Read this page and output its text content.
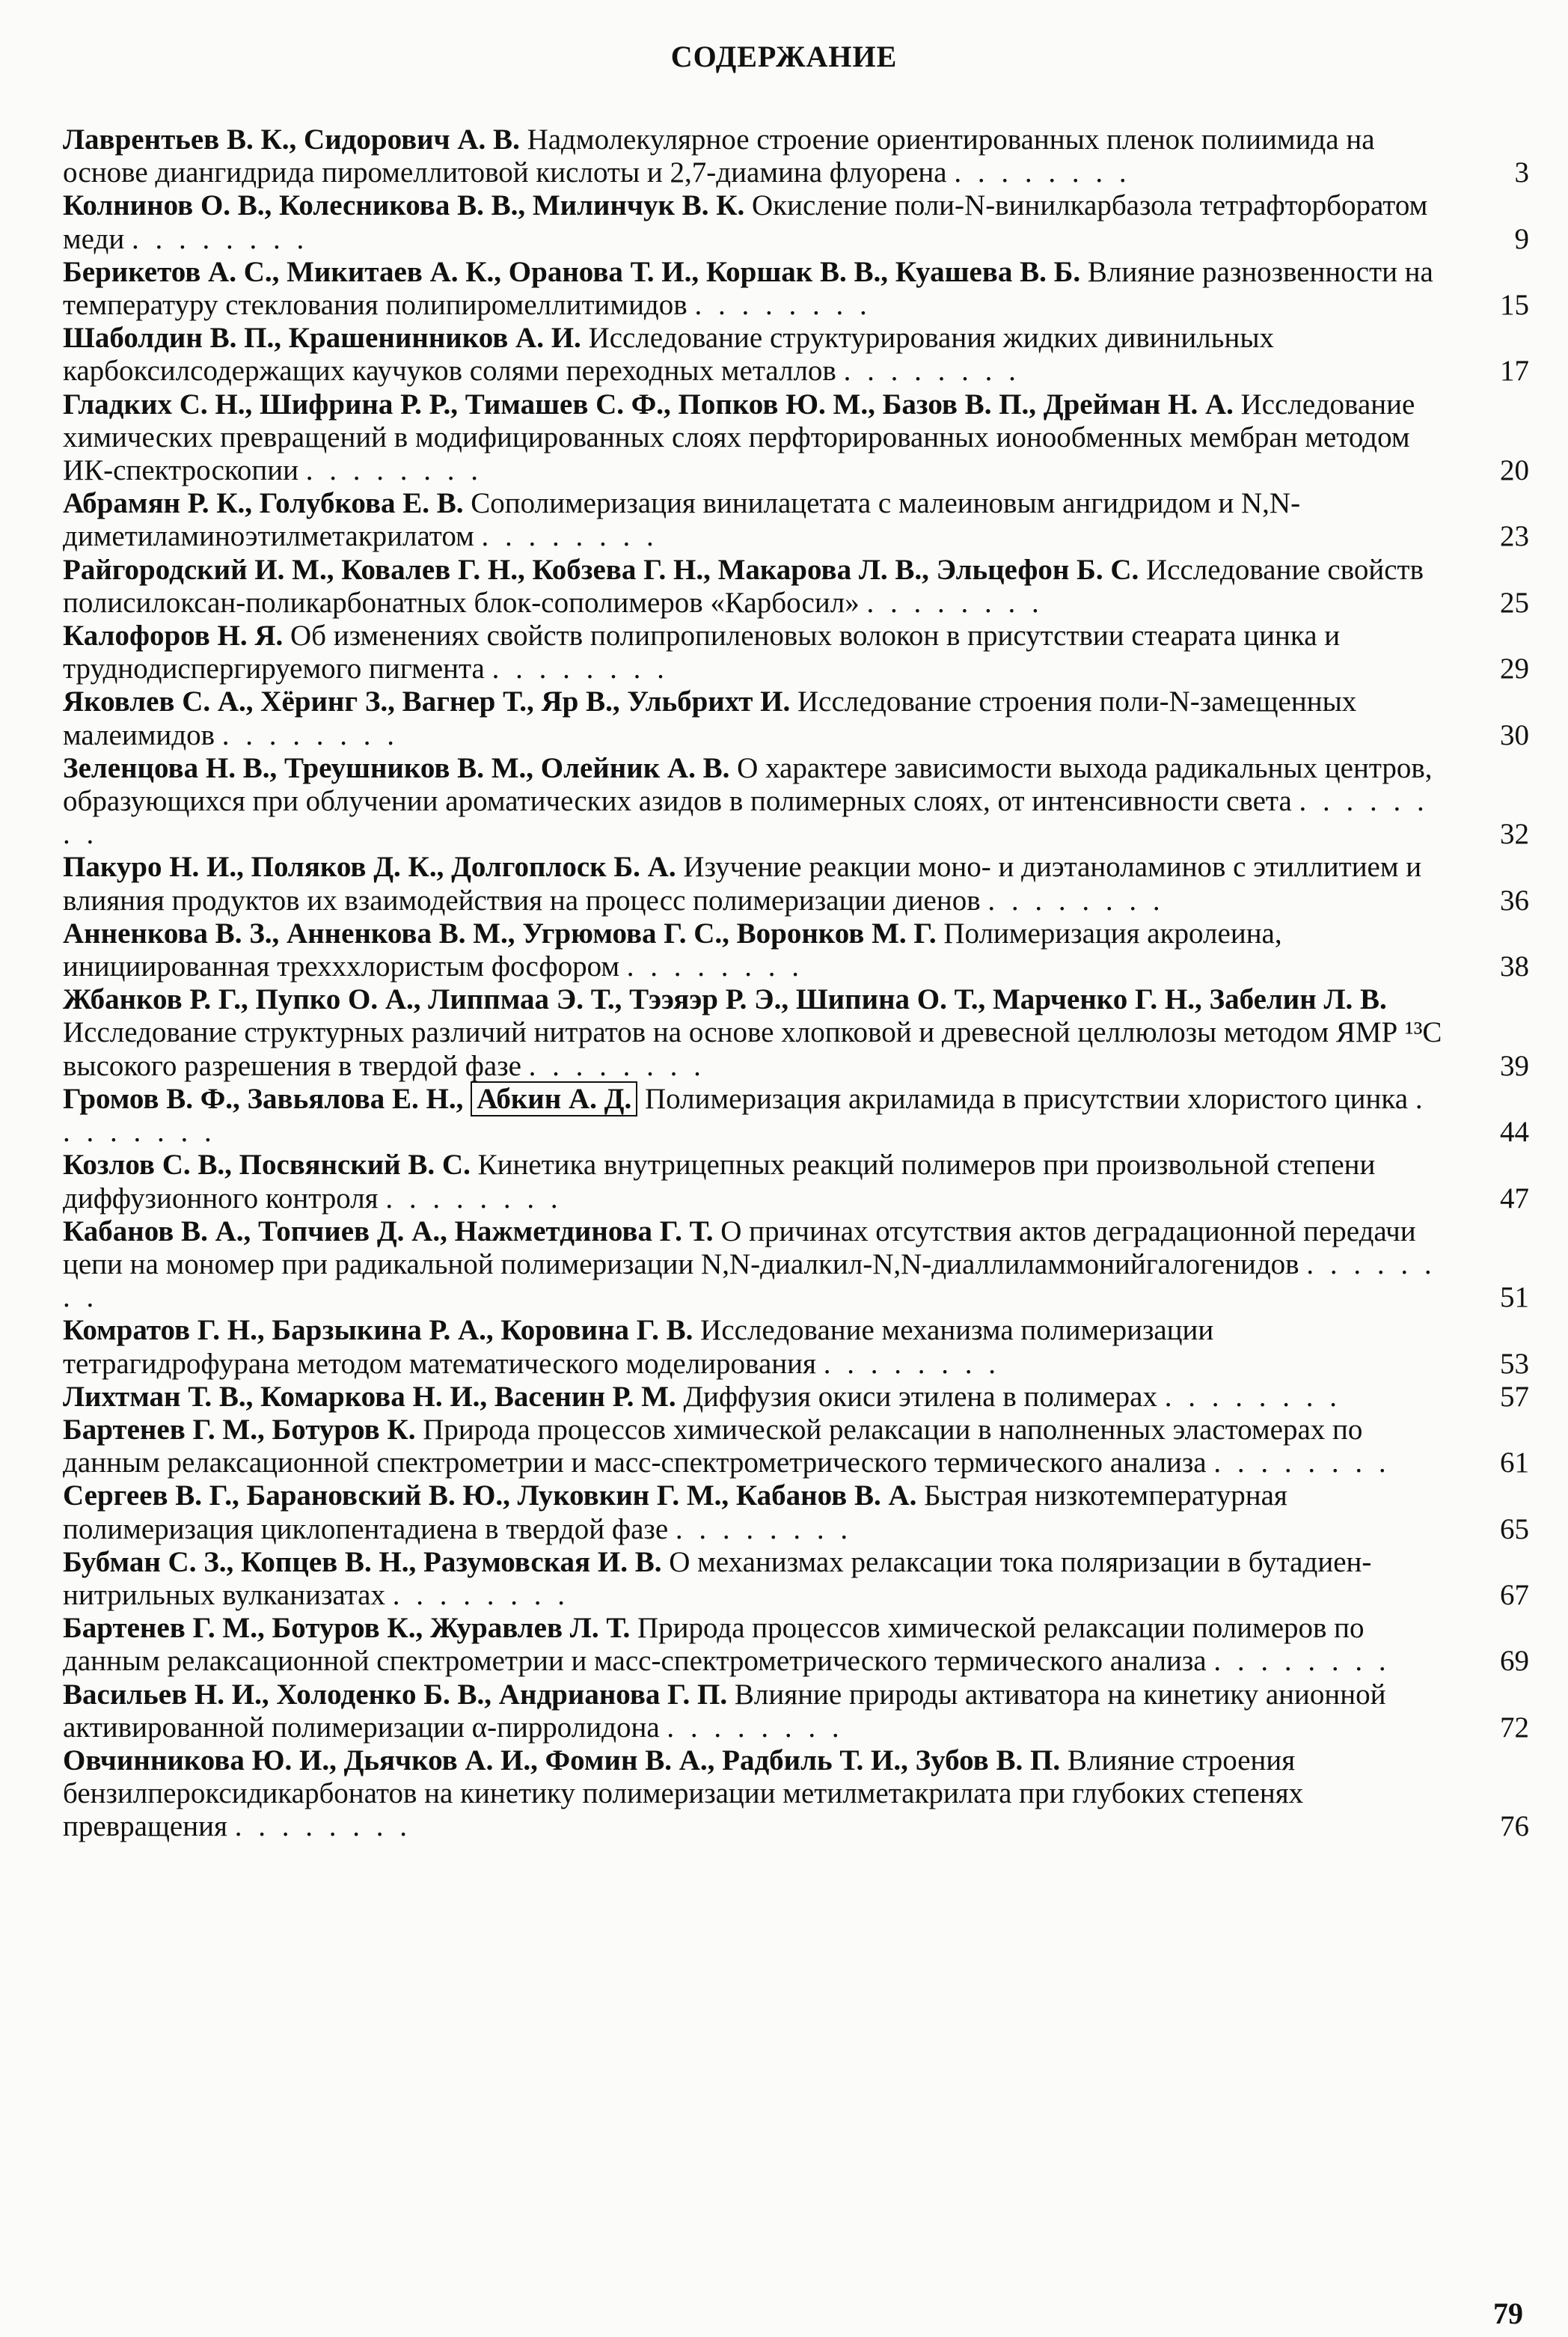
СОДЕРЖАНИЕ
Лаврентьев В. К., Сидорович А. В. Надмолекулярное строение ориентированных пленок полиимида на основе диангидрида пиромеллитовой кислоты и 2,7-диамина флуорена . . . . . . . .	3
Колнинов О. В., Колесникова В. В., Милинчук В. К. Окисление поли-N-винилкарбазола тетрафторборатом меди . . . . . . . .	9
Берикетов А. С., Микитаев А. К., Оранова Т. И., Коршак В. В., Куашева В. Б. Влияние разнозвенности на температуру стеклования полипиромеллитимидов . . . . . . . .	15
Шаболдин В. П., Крашенинников А. И. Исследование структурирования жидких дивинильных карбоксилсодержащих каучуков солями переходных металлов . . . . . . . .	17
Гладких С. Н., Шифрина Р. Р., Тимашев С. Ф., Попков Ю. М., Базов В. П., Дрейман Н. А. Исследование химических превращений в модифицированных слоях перфторированных ионообменных мембран методом ИК-спектроскопии . . . . . . . .	20
Абрамян Р. К., Голубкова Е. В. Сополимеризация винилацетата с малеиновым ангидридом и N,N-диметиламиноэтилметакрилатом . . . . . . . .	23
Райгородский И. М., Ковалев Г. Н., Кобзева Г. Н., Макарова Л. В., Эльцефон Б. С. Исследование свойств полисилоксан-поликарбонатных блок-сополимеров «Карбосил» . . . . . . . .	25
Калофоров Н. Я. Об изменениях свойств полипропиленовых волокон в присутствии стеарата цинка и труднодиспергируемого пигмента . . . . . . . .	29
Яковлев С. А., Хёринг З., Вагнер Т., Яр В., Ульбрихт И. Исследование строения поли-N-замещенных малеимидов . . . . . . . .	30
Зеленцова Н. В., Треушников В. М., Олейник А. В. О характере зависимости выхода радикальных центров, образующихся при облучении ароматических азидов в полимерных слоях, от интенсивности света . . . . . . . .	32
Пакуро Н. И., Поляков Д. К., Долгоплоск Б. А. Изучение реакции моно- и диэтаноламинов с этиллитием и влияния продуктов их взаимодействия на процесс полимеризации диенов . . . . . . . .	36
Анненкова В. З., Анненкова В. М., Угрюмова Г. С., Воронков М. Г. Полимеризация акролеина, инициированная трехххлористым фосфором . . . . . . . .	38
Жбанков Р. Г., Пупко О. А., Липпмаа Э. Т., Тээяэр Р. Э., Шипина О. Т., Марченко Г. Н., Забелин Л. В. Исследование структурных различий нитратов на основе хлопковой и древесной целлюлозы методом ЯМР ¹³С высокого разрешения в твердой фазе . . . . . . . .	39
Громов В. Ф., Завьялова Е. Н., Абкин А. Д. Полимеризация акриламида в присутствии хлористого цинка . . . . . . . .	44
Козлов С. В., Посвянский В. С. Кинетика внутрицепных реакций полимеров при произвольной степени диффузионного контроля . . . . . . . .	47
Кабанов В. А., Топчиев Д. А., Нажметдинова Г. Т. О причинах отсутствия актов деградационной передачи цепи на мономер при радикальной полимеризации N,N-диалкил-N,N-диаллиламмонийгалогенидов . . . . . . . .	51
Комратов Г. Н., Барзыкина Р. А., Коровина Г. В. Исследование механизма полимеризации тетрагидрофурана методом математического моделирования . . . . . . . .	53
Лихтман Т. В., Комаркова Н. И., Васенин Р. М. Диффузия окиси этилена в полимерах . . . . . . . .	57
Бартенев Г. М., Ботуров К. Природа процессов химической релаксации в наполненных эластомерах по данным релаксационной спектрометрии и масс-спектрометрического термического анализа . . . . . . . .	61
Сергеев В. Г., Барановский В. Ю., Луковкин Г. М., Кабанов В. А. Быстрая низкотемпературная полимеризация циклопентадиена в твердой фазе . . . . . . . .	65
Бубман С. З., Копцев В. Н., Разумовская И. В. О механизмах релаксации тока поляризации в бутадиен-нитрильных вулканизатах . . . . . . . .	67
Бартенев Г. М., Ботуров К., Журавлев Л. Т. Природа процессов химической релаксации полимеров по данным релаксационной спектрометрии и масс-спектрометрического термического анализа . . . . . . . .	69
Васильев Н. И., Холоденко Б. В., Андрианова Г. П. Влияние природы активатора на кинетику анионной активированной полимеризации α-пирролидона . . . . . . . .	72
Овчинникова Ю. И., Дьячков А. И., Фомин В. А., Радбиль Т. И., Зубов В. П. Влияние строения бензилпероксидикарбонатов на кинетику полимеризации метилметакрилата при глубоких степенях превращения . . . . . . . .	76
79
